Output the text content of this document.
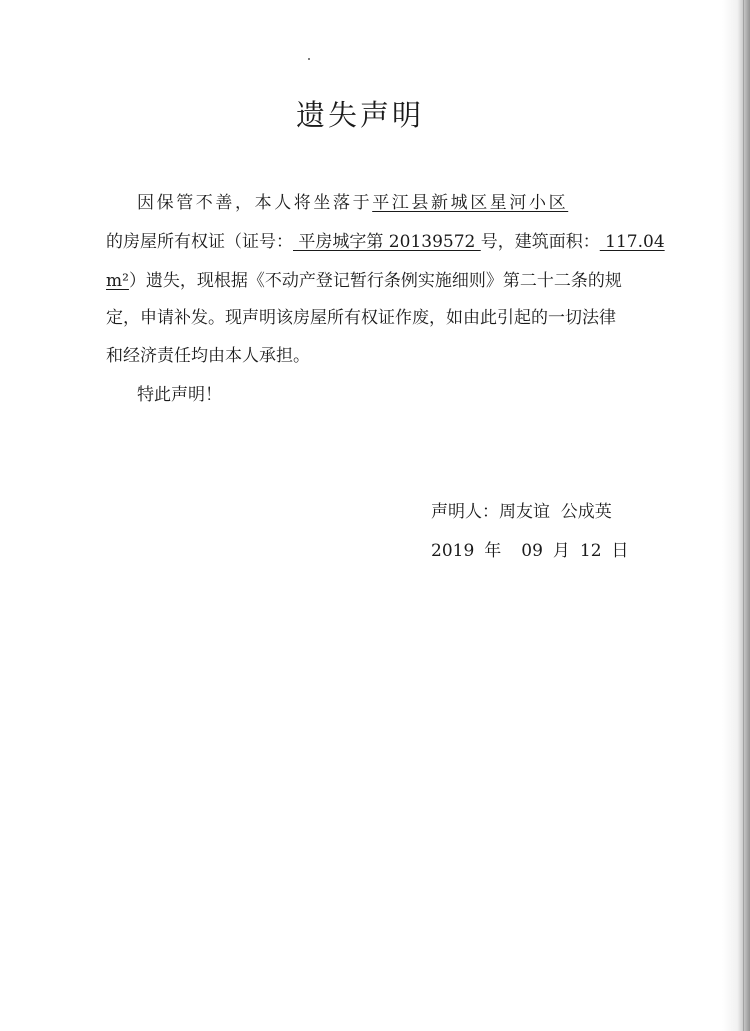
遗失声明

因保管不善，本人将坐落于平江县新城区星河小区

的房屋所有权证（证号： 平房城字第 20139572 号，建筑面积： 117.04

m²）遗失，现根据《不动产登记暂行条例实施细则》第二十二条的规

定，申请补发。现声明该房屋所有权证作废，如由此引起的一切法律

和经济责任均由本人承担。

特此声明！

声明人：周友谊  公成英

2019 年 09 月 12 日
